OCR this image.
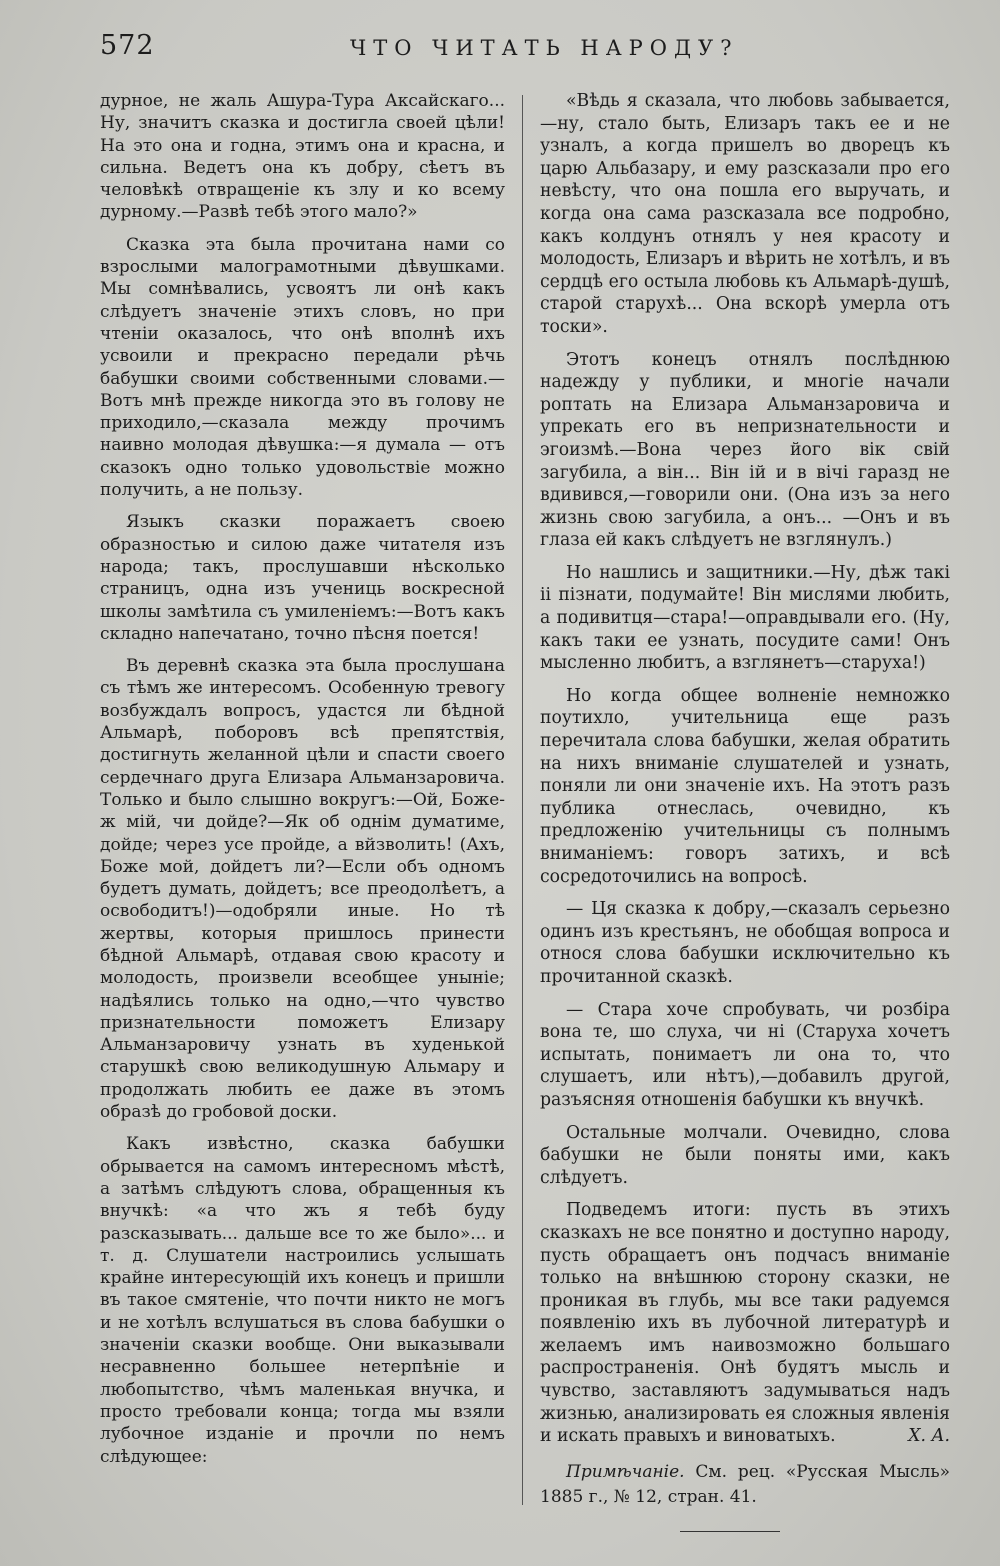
572	ЧТО ЧИТАТЬ НАРОДУ?

дурное, не жаль Ашура-Тура Аксайскаго... Ну, значитъ сказка и достигла своей цѣли! На это она и годна, этимъ она и красна, и сильна. Ведетъ она къ добру, сѣетъ въ человѣкѣ отвращеніе къ злу и ко всему дурному.—Развѣ тебѣ этого мало?»

Сказка эта была прочитана нами со взрослыми малограмотными дѣвушками. Мы сомнѣвались, усвоятъ ли онѣ какъ слѣдуетъ значеніе этихъ словъ, но при чтеніи оказалось, что онѣ вполнѣ ихъ усвоили и прекрасно передали рѣчь бабушки своими собственными словами.—Вотъ мнѣ прежде никогда это въ голову не приходило,—сказала между прочимъ наивно молодая дѣвушка:—я думала — отъ сказокъ одно только удовольствіе можно получить, а не пользу.

Языкъ сказки поражаетъ своею образностью и силою даже читателя изъ народа; такъ, прослушавши нѣсколько страницъ, одна изъ учениць воскресной школы замѣтила съ умиленіемъ:—Вотъ какъ складно напечатано, точно пѣсня поется!

Въ деревнѣ сказка эта была прослушана съ тѣмъ же интересомъ. Особенную тревогу возбуждалъ вопросъ, удастся ли бѣдной Альмарѣ, поборовъ всѣ препятствія, достигнуть желанной цѣли и спасти своего сердечнаго друга Елизара Альманзаровича. Только и было слышно вокругъ:—Ой, Боже-ж мій, чи дойде?—Як об однім думатиме, дойде; через усе пройде, а вйзволить! (Ахъ, Боже мой, дойдетъ ли?—Если объ одномъ будетъ думать, дойдетъ; все преодолѣетъ, а освободитъ!)—одобряли иные. Но тѣ жертвы, которыя пришлось принести бѣдной Альмарѣ, отдавая свою красоту и молодость, произвели всеобщее уныніе; надѣялись только на одно,—что чувство признательности поможетъ Елизару Альманзаровичу узнать въ худенькой старушкѣ свою великодушную Альмару и продолжать любить ее даже въ этомъ образѣ до гробовой доски.

Какъ извѣстно, сказка бабушки обрывается на самомъ интересномъ мѣстѣ, а затѣмъ слѣдуютъ слова, обращенныя къ внучкѣ: «а что жъ я тебѣ буду разсказывать... дальше все то же было»... и т. д. Слушатели настроились услышать крайне интересующій ихъ конецъ и пришли въ такое смятеніе, что почти никто не могъ и не хотѣлъ вслушаться въ слова бабушки о значеніи сказки вообще. Они выказывали несравненно большее нетерпѣніе и любопытство, чѣмъ маленькая внучка, и просто требовали конца; тогда мы взяли лубочное изданіе и прочли по немъ слѣдующее:

«Вѣдь я сказала, что любовь забывается,—ну, стало быть, Елизаръ такъ ее и не узналъ, а когда пришелъ во дворецъ къ царю Альбазару, и ему разсказали про его невѣсту, что она пошла его выручать, и когда она сама разсказала все подробно, какъ колдунъ отнялъ у нея красоту и молодость, Елизаръ и вѣрить не хотѣлъ, и въ сердцѣ его остыла любовь къ Альмарѣ-душѣ, старой старухѣ... Она вскорѣ умерла отъ тоски».

Этотъ конецъ отнялъ послѣднюю надежду у публики, и многіе начали роптать на Елизара Альманзаровича и упрекать его въ непризнательности и эгоизмѣ.—Вона через його вік свій загубила, а він... Він ій и в вічі гаразд не вдивився,—говорили они. (Она изъ за него жизнь свою загубила, а онъ... —Онъ и въ глаза ей какъ слѣдуетъ не взглянулъ.)

Но нашлись и защитники.—Ну, дѣж такі іі пізнати, подумайте! Він мислями любить, а подивитця—стара!—оправдывали его. (Ну, какъ таки ее узнать, посудите сами! Онъ мысленно любитъ, а взглянетъ—старуха!)

Но когда общее волненіе немножко поутихло, учительница еще разъ перечитала слова бабушки, желая обратить на нихъ вниманіе слушателей и узнать, поняли ли они значеніе ихъ. На этотъ разъ публика отнеслась, очевидно, къ предложенію учительницы съ полнымъ вниманіемъ: говоръ затихъ, и всѣ сосредоточились на вопросѣ.

— Ця сказка к добру,—сказалъ серьезно одинъ изъ крестьянъ, не обобщая вопроса и относя слова бабушки исключительно къ прочитанной сказкѣ.

— Стара хоче спробувать, чи розбіра вона те, шо слуха, чи ні (Старуха хочетъ испытать, понимаетъ ли она то, что слушаетъ, или нѣтъ),—добавилъ другой, разъясняя отношенія бабушки къ внучкѣ.

Остальные молчали. Очевидно, слова бабушки не были поняты ими, какъ слѣдуетъ.

Подведемъ итоги: пусть въ этихъ сказкахъ не все понятно и доступно народу, пусть обращаетъ онъ подчасъ вниманіе только на внѣшнюю сторону сказки, не проникая въ глубь, мы все таки радуемся появленію ихъ въ лубочной литературѣ и желаемъ имъ наивозможно большаго распространенія. Онѣ будятъ мысль и чувство, заставляютъ задумываться надъ жизнью, анализировать ея сложныя явленія и искать правыхъ и виноватыхъ.	Х. А.

Примѣчаніе. См. рец. «Русская Мысль» 1885 г., № 12, стран. 41.
